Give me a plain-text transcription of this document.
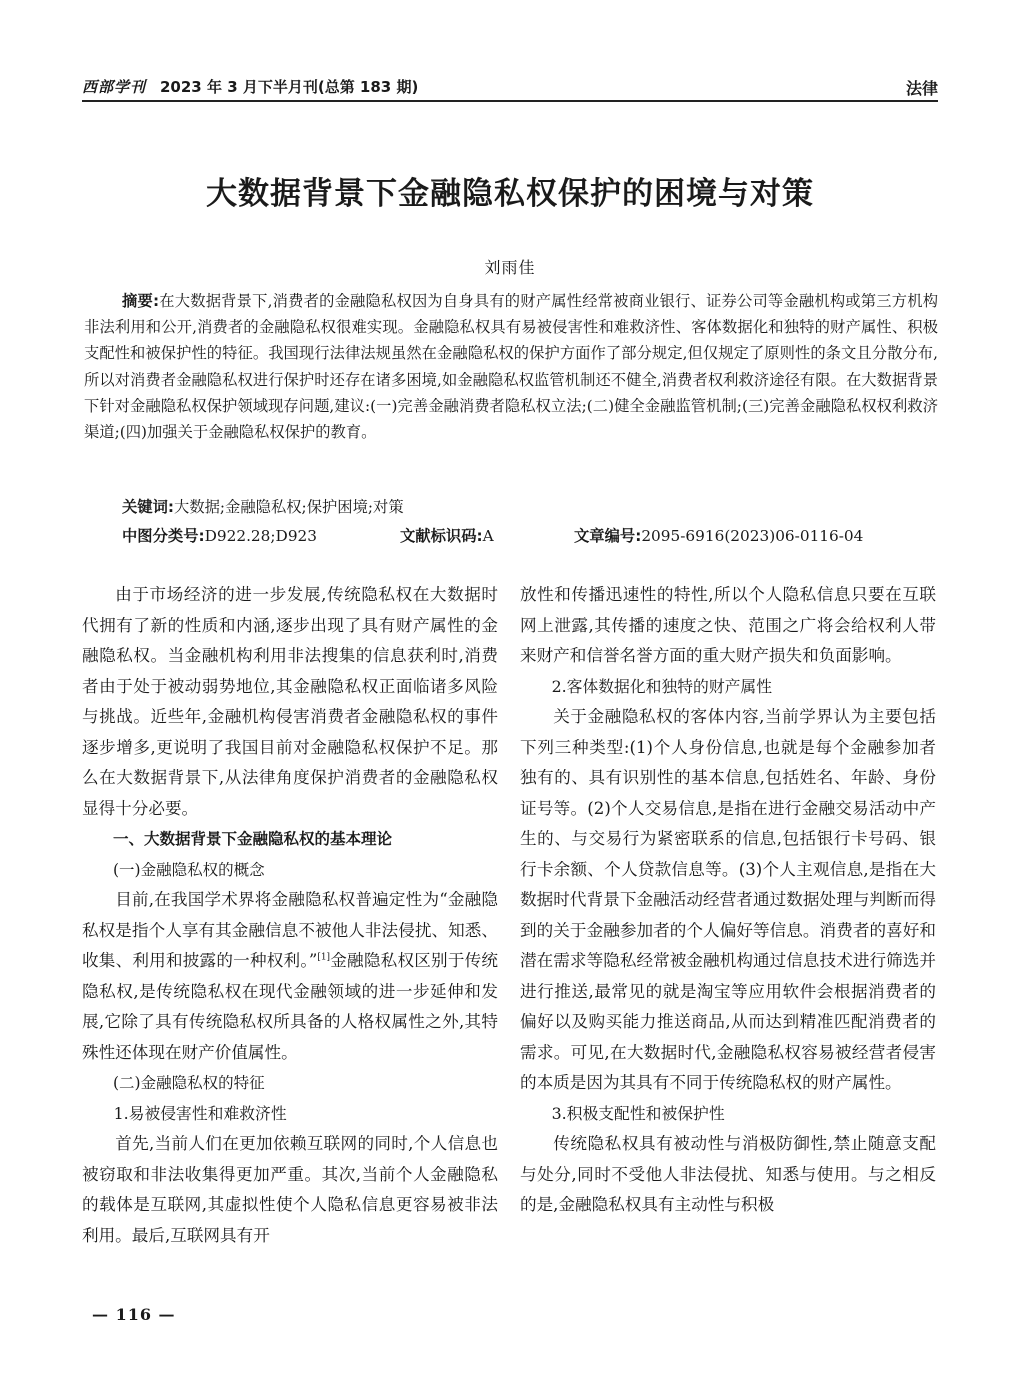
西部学刊 2023 年 3 月下半月刊(总第 183 期)	法律
大数据背景下金融隐私权保护的困境与对策
刘雨佳

摘要:在大数据背景下,消费者的金融隐私权因为自身具有的财产属性经常被商业银行、证券公司等金融机构或第三方机构非法利用和公开,消费者的金融隐私权很难实现。金融隐私权具有易被侵害性和难救济性、客体数据化和独特的财产属性、积极支配性和被保护性的特征。我国现行法律法规虽然在金融隐私权的保护方面作了部分规定,但仅规定了原则性的条文且分散分布,所以对消费者金融隐私权进行保护时还存在诸多困境,如金融隐私权监管机制还不健全,消费者权利救济途径有限。在大数据背景下针对金融隐私权保护领域现存问题,建议:(一)完善金融消费者隐私权立法;(二)健全金融监管机制;(三)完善金融隐私权权利救济渠道;(四)加强关于金融隐私权保护的教育。

关键词:大数据;金融隐私权;保护困境;对策
中图分类号:D922.28;D923	文献标识码:A	文章编号:2095-6916(2023)06-0116-04

由于市场经济的进一步发展,传统隐私权在大数据时代拥有了新的性质和内涵,逐步出现了具有财产属性的金融隐私权。当金融机构利用非法搜集的信息获利时,消费者由于处于被动弱势地位,其金融隐私权正面临诸多风险与挑战。近些年,金融机构侵害消费者金融隐私权的事件逐步增多,更说明了我国目前对金融隐私权保护不足。那么在大数据背景下,从法律角度保护消费者的金融隐私权显得十分必要。

一、大数据背景下金融隐私权的基本理论

(一)金融隐私权的概念

目前,在我国学术界将金融隐私权普遍定性为“金融隐私权是指个人享有其金融信息不被他人非法侵扰、知悉、收集、利用和披露的一种权利。”[1]金融隐私权区别于传统隐私权,是传统隐私权在现代金融领域的进一步延伸和发展,它除了具有传统隐私权所具备的人格权属性之外,其特殊性还体现在财产价值属性。

(二)金融隐私权的特征

1.易被侵害性和难救济性

首先,当前人们在更加依赖互联网的同时,个人信息也被窃取和非法收集得更加严重。其次,当前个人金融隐私的载体是互联网,其虚拟性使个人隐私信息更容易被非法利用。最后,互联网具有开

放性和传播迅速性的特性,所以个人隐私信息只要在互联网上泄露,其传播的速度之快、范围之广将会给权利人带来财产和信誉名誉方面的重大财产损失和负面影响。

2.客体数据化和独特的财产属性

关于金融隐私权的客体内容,当前学界认为主要包括下列三种类型:(1)个人身份信息,也就是每个金融参加者独有的、具有识别性的基本信息,包括姓名、年龄、身份证号等。(2)个人交易信息,是指在进行金融交易活动中产生的、与交易行为紧密联系的信息,包括银行卡号码、银行卡余额、个人贷款信息等。(3)个人主观信息,是指在大数据时代背景下金融活动经营者通过数据处理与判断而得到的关于金融参加者的个人偏好等信息。消费者的喜好和潜在需求等隐私经常被金融机构通过信息技术进行筛选并进行推送,最常见的就是淘宝等应用软件会根据消费者的偏好以及购买能力推送商品,从而达到精准匹配消费者的需求。可见,在大数据时代,金融隐私权容易被经营者侵害的本质是因为其具有不同于传统隐私权的财产属性。

3.积极支配性和被保护性

传统隐私权具有被动性与消极防御性,禁止随意支配与处分,同时不受他人非法侵扰、知悉与使用。与之相反的是,金融隐私权具有主动性与积极

— 116 —
